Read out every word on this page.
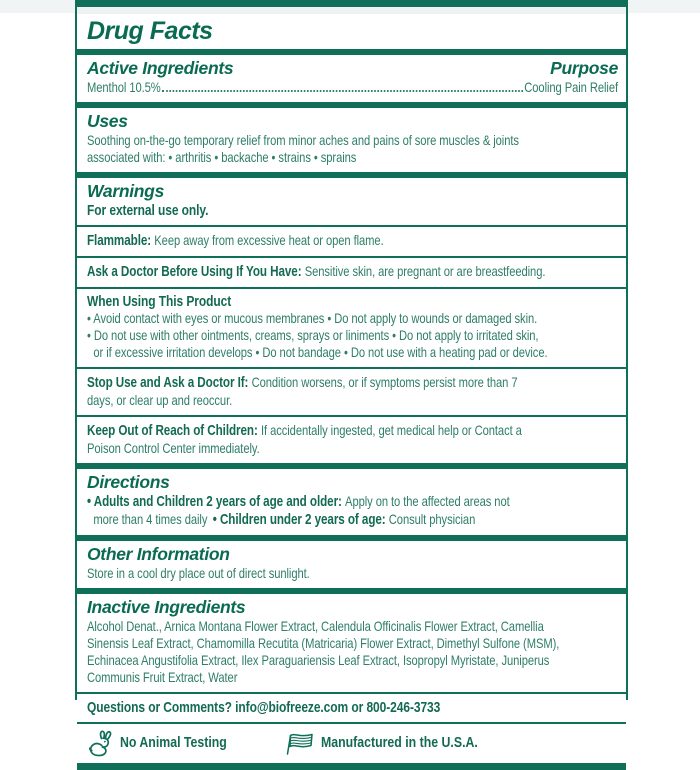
Drug Facts
Active Ingredients	Purpose
Menthol 10.5%	Cooling Pain Relief
Uses
Soothing on-the-go temporary relief from minor aches and pains of sore muscles & joints
associated with: • arthritis • backache • strains • sprains
Warnings
For external use only.
Flammable: Keep away from excessive heat or open flame.
Ask a Doctor Before Using If You Have: Sensitive skin, are pregnant or are breastfeeding.
When Using This Product
• Avoid contact with eyes or mucous membranes • Do not apply to wounds or damaged skin.
• Do not use with other ointments, creams, sprays or liniments • Do not apply to irritated skin,
or if excessive irritation develops • Do not bandage • Do not use with a heating pad or device.
Stop Use and Ask a Doctor If: Condition worsens, or if symptoms persist more than 7
days, or clear up and reoccur.
Keep Out of Reach of Children: If accidentally ingested, get medical help or Contact a
Poison Control Center immediately.
Directions
• Adults and Children 2 years of age and older: Apply on to the affected areas not
more than 4 times daily • Children under 2 years of age: Consult physician
Other Information
Store in a cool dry place out of direct sunlight.
Inactive Ingredients
Alcohol Denat., Arnica Montana Flower Extract, Calendula Officinalis Flower Extract, Camellia
Sinensis Leaf Extract, Chamomilla Recutita (Matricaria) Flower Extract, Dimethyl Sulfone (MSM),
Echinacea Angustifolia Extract, Ilex Paraguariensis Leaf Extract, Isopropyl Myristate, Juniperus
Communis Fruit Extract, Water
Questions or Comments? info@biofreeze.com or 800-246-3733
No Animal Testing	Manufactured in the U.S.A.
